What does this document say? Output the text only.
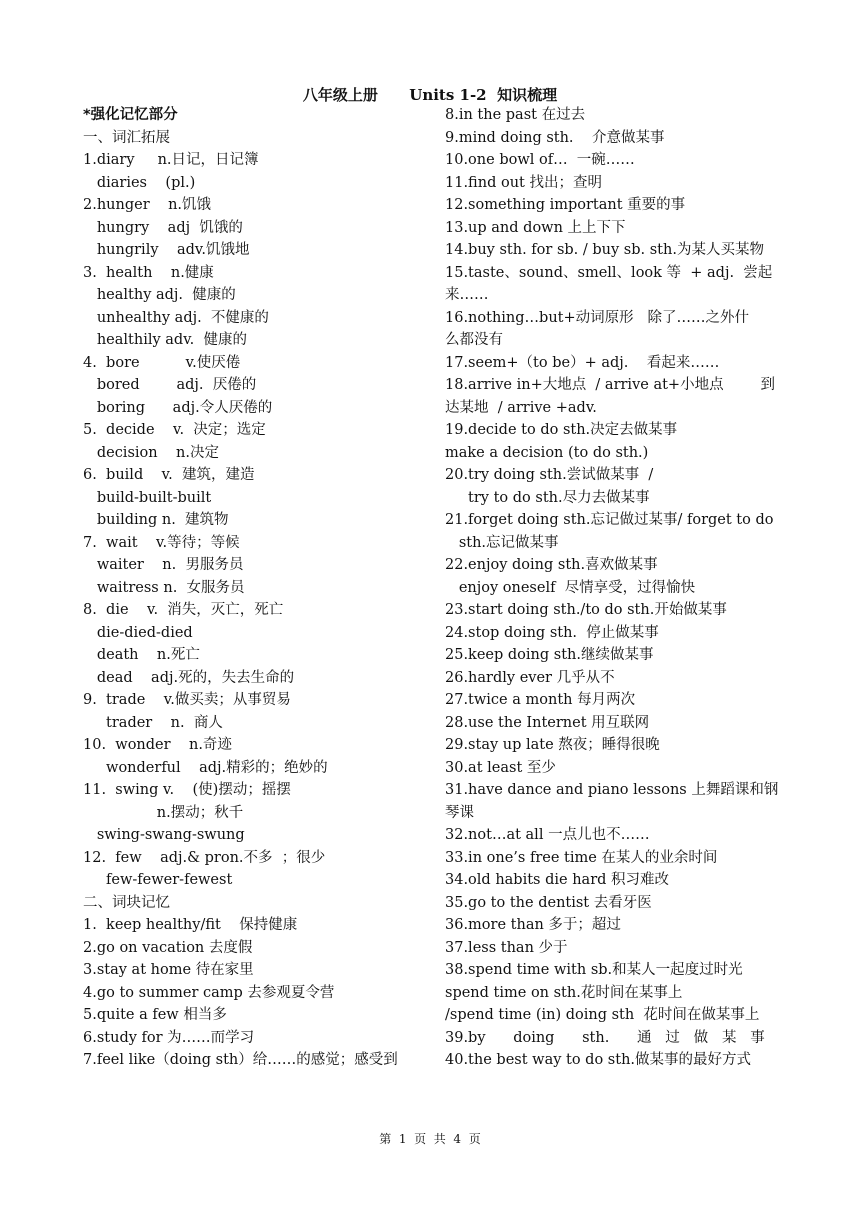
八年级上册      Units 1-2  知识梳理
*强化记忆部分
一、词汇拓展
1.diary     n.日记，日记簿
diaries    (pl.)
2.hunger    n.饥饿
hungry    adj  饥饿的
hungrily    adv.饥饿地
3.  health    n.健康
healthy adj.  健康的
unhealthy adj.  不健康的
healthily adv.  健康的
4.  bore          v.使厌倦
bored        adj.  厌倦的
boring      adj.令人厌倦的
5.  decide    v.  决定；选定
decision    n.决定
6.  build    v.  建筑，建造
build-built-built
building n.  建筑物
7.  wait    v.等待；等候
waiter    n.  男服务员
waitress n.  女服务员
8.  die    v.  消失，灭亡，死亡
die-died-died
death    n.死亡
dead    adj.死的，失去生命的
9.  trade    v.做买卖；从事贸易
trader    n.  商人
10.  wonder    n.奇迹
wonderful    adj.精彩的；绝妙的
11.  swing v.    (使)摆动；摇摆
n.摆动；秋千
swing-swang-swung
12.  few    adj.& pron.不多  ；很少
few-fewer-fewest
二、词块记忆
1.  keep healthy/fit    保持健康
2.go on vacation 去度假
3.stay at home 待在家里
4.go to summer camp 去参观夏令营
5.quite a few 相当多
6.study for 为……而学习
7.feel like（doing sth）给……的感觉；感受到
8.in the past 在过去
9.mind doing sth.    介意做某事
10.one bowl of…  一碗……
11.find out 找出；查明
12.something important 重要的事
13.up and down 上上下下
14.buy sth. for sb. / buy sb. sth.为某人买某物
15.taste、sound、smell、look 等  + adj.  尝起
来……
16.nothing…but+动词原形   除了……之外什
么都没有
17.seem+（to be）+ adj.    看起来……
18.arrive in+大地点  / arrive at+小地点        到
达某地  / arrive +adv.
19.decide to do sth.决定去做某事
make a decision (to do sth.)
20.try doing sth.尝试做某事  /
try to do sth.尽力去做某事
21.forget doing sth.忘记做过某事/ forget to do
sth.忘记做某事
22.enjoy doing sth.喜欢做某事
enjoy oneself  尽情享受，过得愉快
23.start doing sth./to do sth.开始做某事
24.stop doing sth.  停止做某事
25.keep doing sth.继续做某事
26.hardly ever 几乎从不
27.twice a month 每月两次
28.use the Internet 用互联网
29.stay up late 熬夜；睡得很晚
30.at least 至少
31.have dance and piano lessons 上舞蹈课和钢
琴课
32.not…at all 一点儿也不……
33.in one’s free time 在某人的业余时间
34.old habits die hard 积习难改
35.go to the dentist 去看牙医
36.more than 多于；超过
37.less than 少于
38.spend time with sb.和某人一起度过时光
spend time on sth.花时间在某事上
/spend time (in) doing sth  花时间在做某事上
39.by      doing      sth.      通   过   做   某   事
40.the best way to do sth.做某事的最好方式
第  1  页  共  4  页
